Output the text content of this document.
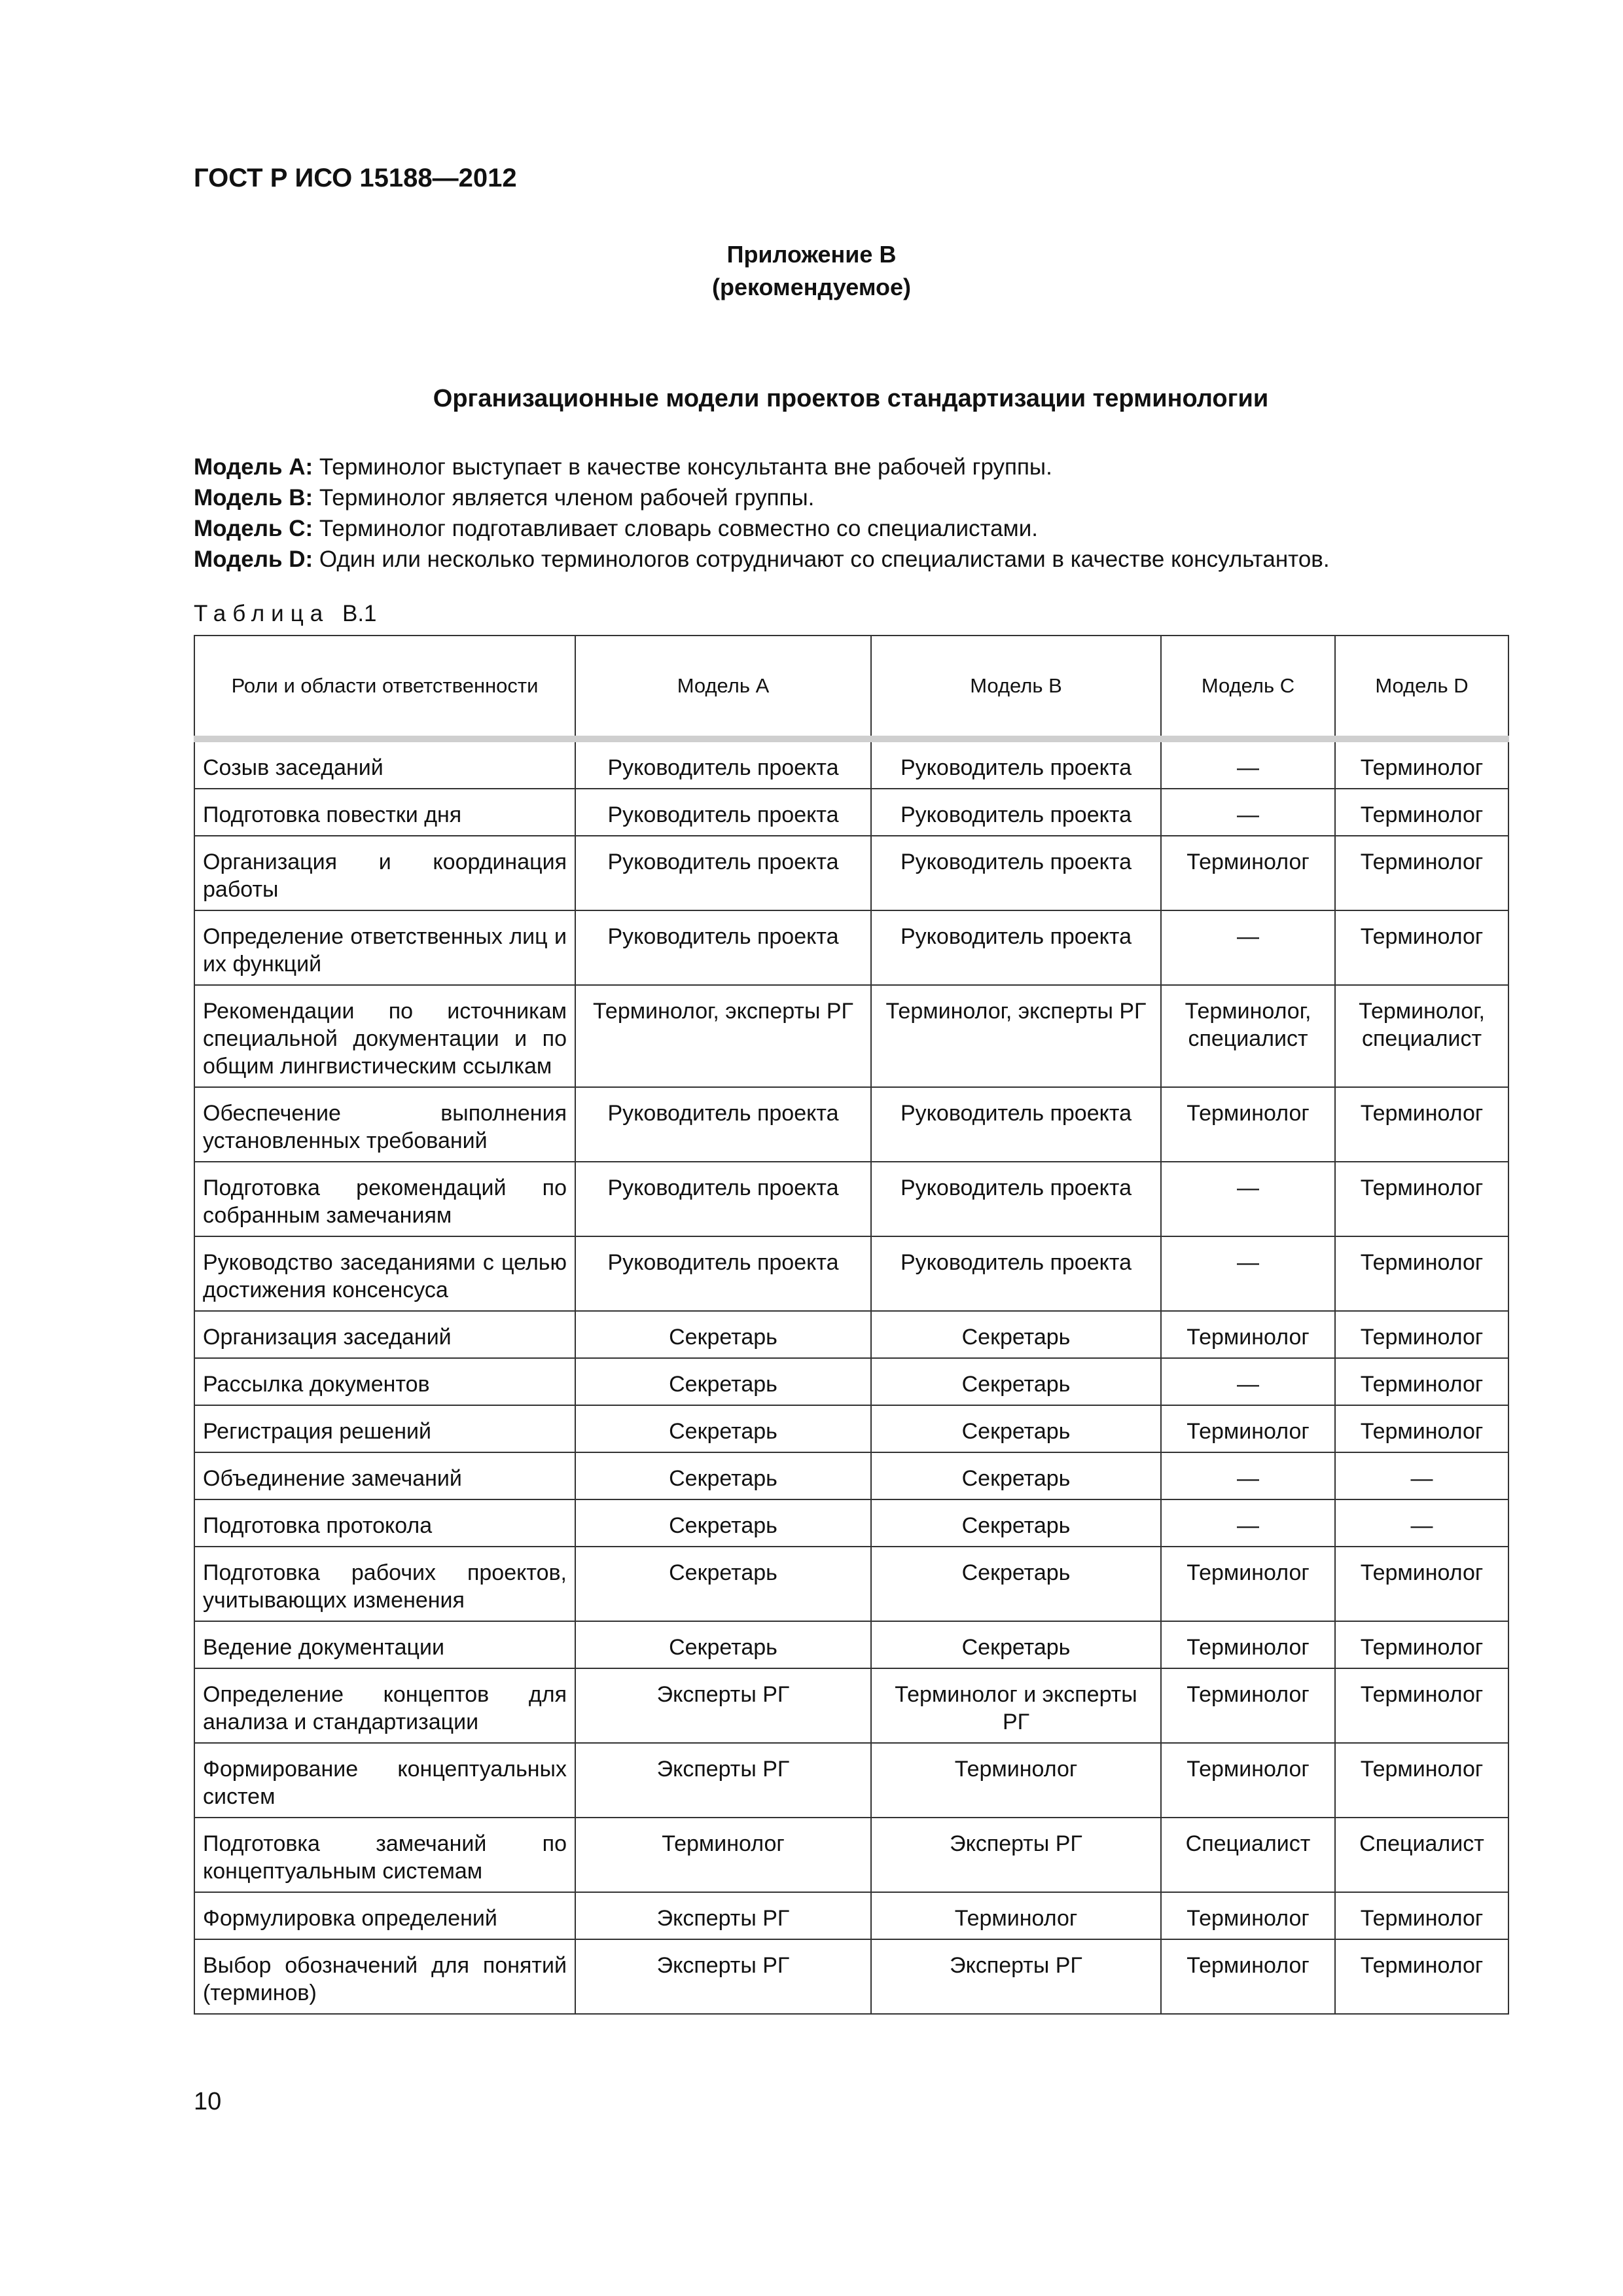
ГОСТ Р ИСО 15188—2012
Приложение В
(рекомендуемое)
Организационные модели проектов стандартизации терминологии
Модель А: Терминолог выступает в качестве консультанта вне рабочей группы.
Модель В: Терминолог является членом рабочей группы.
Модель С: Терминолог подготавливает словарь совместно со специалистами.
Модель D: Один или несколько терминологов сотрудничают со специалистами в качестве консультантов.
Таблица В.1
Роли и области ответственности	Модель А	Модель В	Модель С	Модель D
Созыв заседаний	Руководитель проекта	Руководитель проекта	—	Терминолог
Подготовка повестки дня	Руководитель проекта	Руководитель проекта	—	Терминолог
Организация и координация работы	Руководитель проекта	Руководитель проекта	Терминолог	Терминолог
Определение ответственных лиц и их функций	Руководитель проекта	Руководитель проекта	—	Терминолог
Рекомендации по источникам специальной документации и по общим лингвистическим ссылкам	Терминолог, эксперты РГ	Терминолог, эксперты РГ	Терминолог, специалист	Терминолог, специалист
Обеспечение выполнения установленных требований	Руководитель проекта	Руководитель проекта	Терминолог	Терминолог
Подготовка рекомендаций по собранным замечаниям	Руководитель проекта	Руководитель проекта	—	Терминолог
Руководство заседаниями с целью достижения консенсуса	Руководитель проекта	Руководитель проекта	—	Терминолог
Организация заседаний	Секретарь	Секретарь	Терминолог	Терминолог
Рассылка документов	Секретарь	Секретарь	—	Терминолог
Регистрация решений	Секретарь	Секретарь	Терминолог	Терминолог
Объединение замечаний	Секретарь	Секретарь	—	—
Подготовка протокола	Секретарь	Секретарь	—	—
Подготовка рабочих проектов, учитывающих изменения	Секретарь	Секретарь	Терминолог	Терминолог
Ведение документации	Секретарь	Секретарь	Терминолог	Терминолог
Определение концептов для анализа и стандартизации	Эксперты РГ	Терминолог и эксперты РГ	Терминолог	Терминолог
Формирование концептуальных систем	Эксперты РГ	Терминолог	Терминолог	Терминолог
Подготовка замечаний по концептуальным системам	Терминолог	Эксперты РГ	Специалист	Специалист
Формулировка определений	Эксперты РГ	Терминолог	Терминолог	Терминолог
Выбор обозначений для понятий (терминов)	Эксперты РГ	Эксперты РГ	Терминолог	Терминолог
10
